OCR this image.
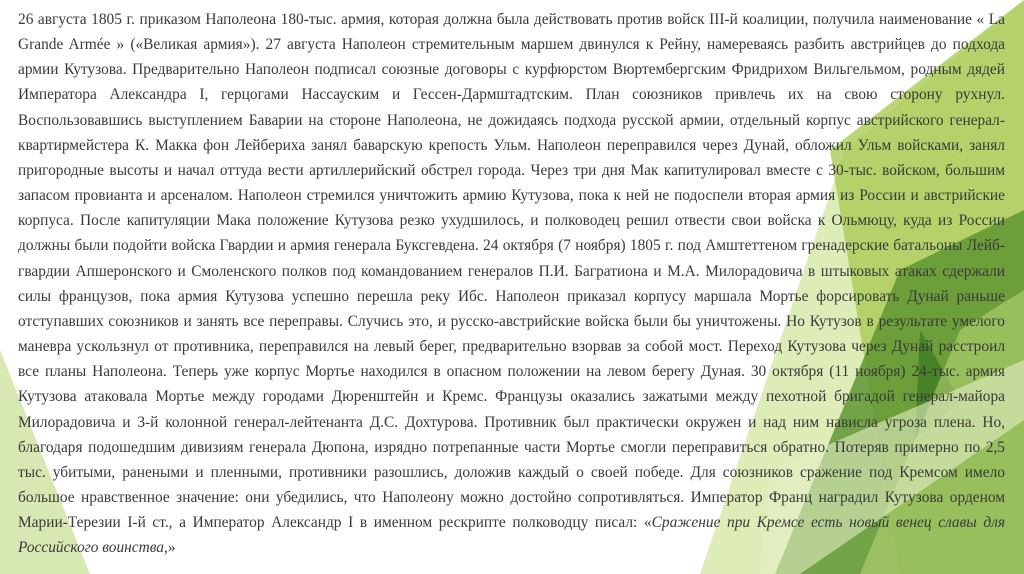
26 августа 1805 г. приказом Наполеона 180-тыс. армия, которая должна была действовать против войск III-й коалиции, получила наименование « La Grande Armée » («Великая армия»). 27 августа Наполеон стремительным маршем двинулся к Рейну, намереваясь разбить австрийцев до подхода армии Кутузова. Предварительно Наполеон подписал союзные договоры с курфюрстом Вюртембергским Фридрихом Вильгельмом, родным дядей Императора Александра I, герцогами Нассауским и Гессен-Дармштадтским. План союзников привлечь их на свою сторону рухнул. Воспользовавшись выступлением Баварии на стороне Наполеона, не дожидаясь подхода русской армии, отдельный корпус австрийского генерал-квартирмейстера К. Макка фон Лейбериха занял баварскую крепость Ульм. Наполеон переправился через Дунай, обложил Ульм войсками, занял пригородные высоты и начал оттуда вести артиллерийский обстрел города. Через три дня Мак капитулировал вместе с 30-тыс. войском, большим запасом провианта и арсеналом. Наполеон стремился уничтожить армию Кутузова, пока к ней не подоспели вторая армия из России и австрийские корпуса. После капитуляции Мака положение Кутузова резко ухудшилось, и полководец решил отвести свои войска к Ольмюцу, куда из России должны были подойти войска Гвардии и армия генерала Буксгевдена. 24 октября (7 ноября) 1805 г. под Амштеттеном гренадерские батальоны Лейб-гвардии Апшеронского и Смоленского полков под командованием генералов П.И. Багратиона и М.А. Милорадовича в штыковых атаках сдержали силы французов, пока армия Кутузова успешно перешла реку Ибс. Наполеон приказал корпусу маршала Мортье форсировать Дунай раньше отступавших союзников и занять все переправы. Случись это, и русско-австрийские войска были бы уничтожены. Но Кутузов в результате умелого маневра ускользнул от противника, переправился на левый берег, предварительно взорвав за собой мост. Переход Кутузова через Дунай расстроил все планы Наполеона. Теперь уже корпус Мортье находился в опасном положении на левом берегу Дуная. 30 октября (11 ноября) 24-тыс. армия Кутузова атаковала Мортье между городами Дюренштейн и Кремс. Французы оказались зажатыми между пехотной бригадой генерал-майора Милорадовича и 3-й колонной генерал-лейтенанта Д.С. Дохтурова. Противник был практически окружен и над ним нависла угроза плена. Но, благодаря подошедшим дивизиям генерала Дюпона, изрядно потрепанные части Мортье смогли переправиться обратно. Потеряв примерно по 2,5 тыс. убитыми, ранеными и пленными, противники разошлись, доложив каждый о своей победе. Для союзников сражение под Кремсом имело большое нравственное значение: они убедились, что Наполеону можно достойно сопротивляться. Император Франц наградил Кутузова орденом Марии-Терезии I-й ст., а Император Александр I в именном рескрипте полководцу писал: «Сражение при Кремсе есть новый венец славы для Российского воинства,»
